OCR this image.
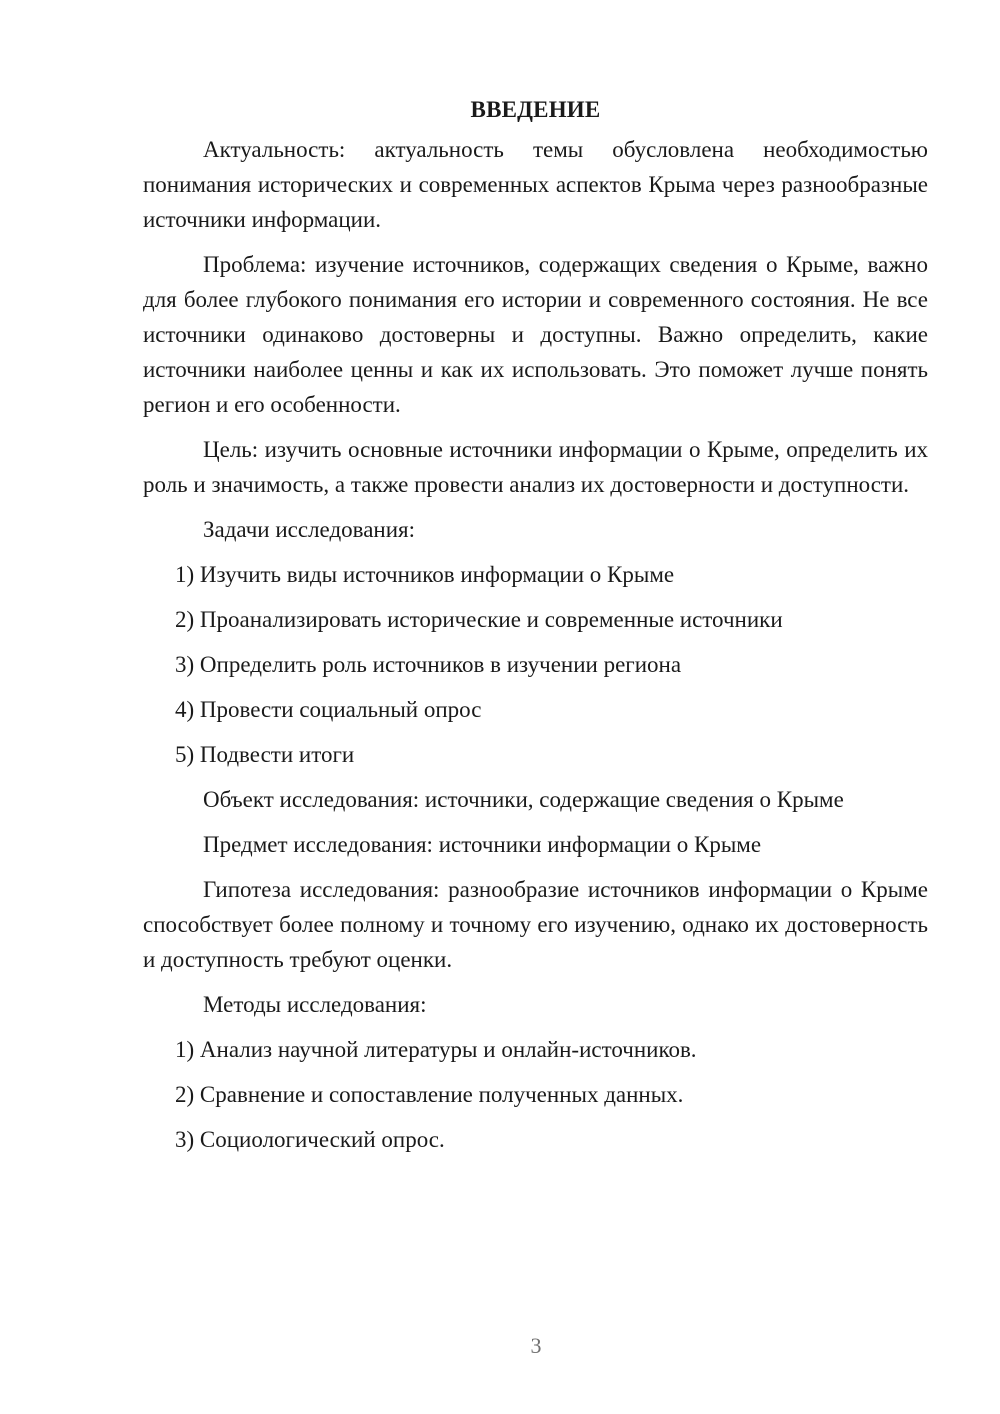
ВВЕДЕНИЕ

Актуальность: актуальность темы обусловлена необходимостью понимания исторических и современных аспектов Крыма через разнообразные источники информации.

Проблема: изучение источников, содержащих сведения о Крыме, важно для более глубокого понимания его истории и современного состояния. Не все источники одинаково достоверны и доступны. Важно определить, какие источники наиболее ценны и как их использовать. Это поможет лучше понять регион и его особенности.

Цель: изучить основные источники информации о Крыме, определить их роль и значимость, а также провести анализ их достоверности и доступности.

Задачи исследования:

1) Изучить виды источников информации о Крыме

2) Проанализировать исторические и современные источники

3) Определить роль источников в изучении региона

4) Провести социальный опрос

5) Подвести итоги

Объект исследования: источники, содержащие сведения о Крыме

Предмет исследования: источники информации о Крыме

Гипотеза исследования: разнообразие источников информации о Крыме способствует более полному и точному его изучению, однако их достоверность и доступность требуют оценки.

Методы исследования:

1) Анализ научной литературы и онлайн-источников.

2) Сравнение и сопоставление полученных данных.

3) Социологический опрос.

3
